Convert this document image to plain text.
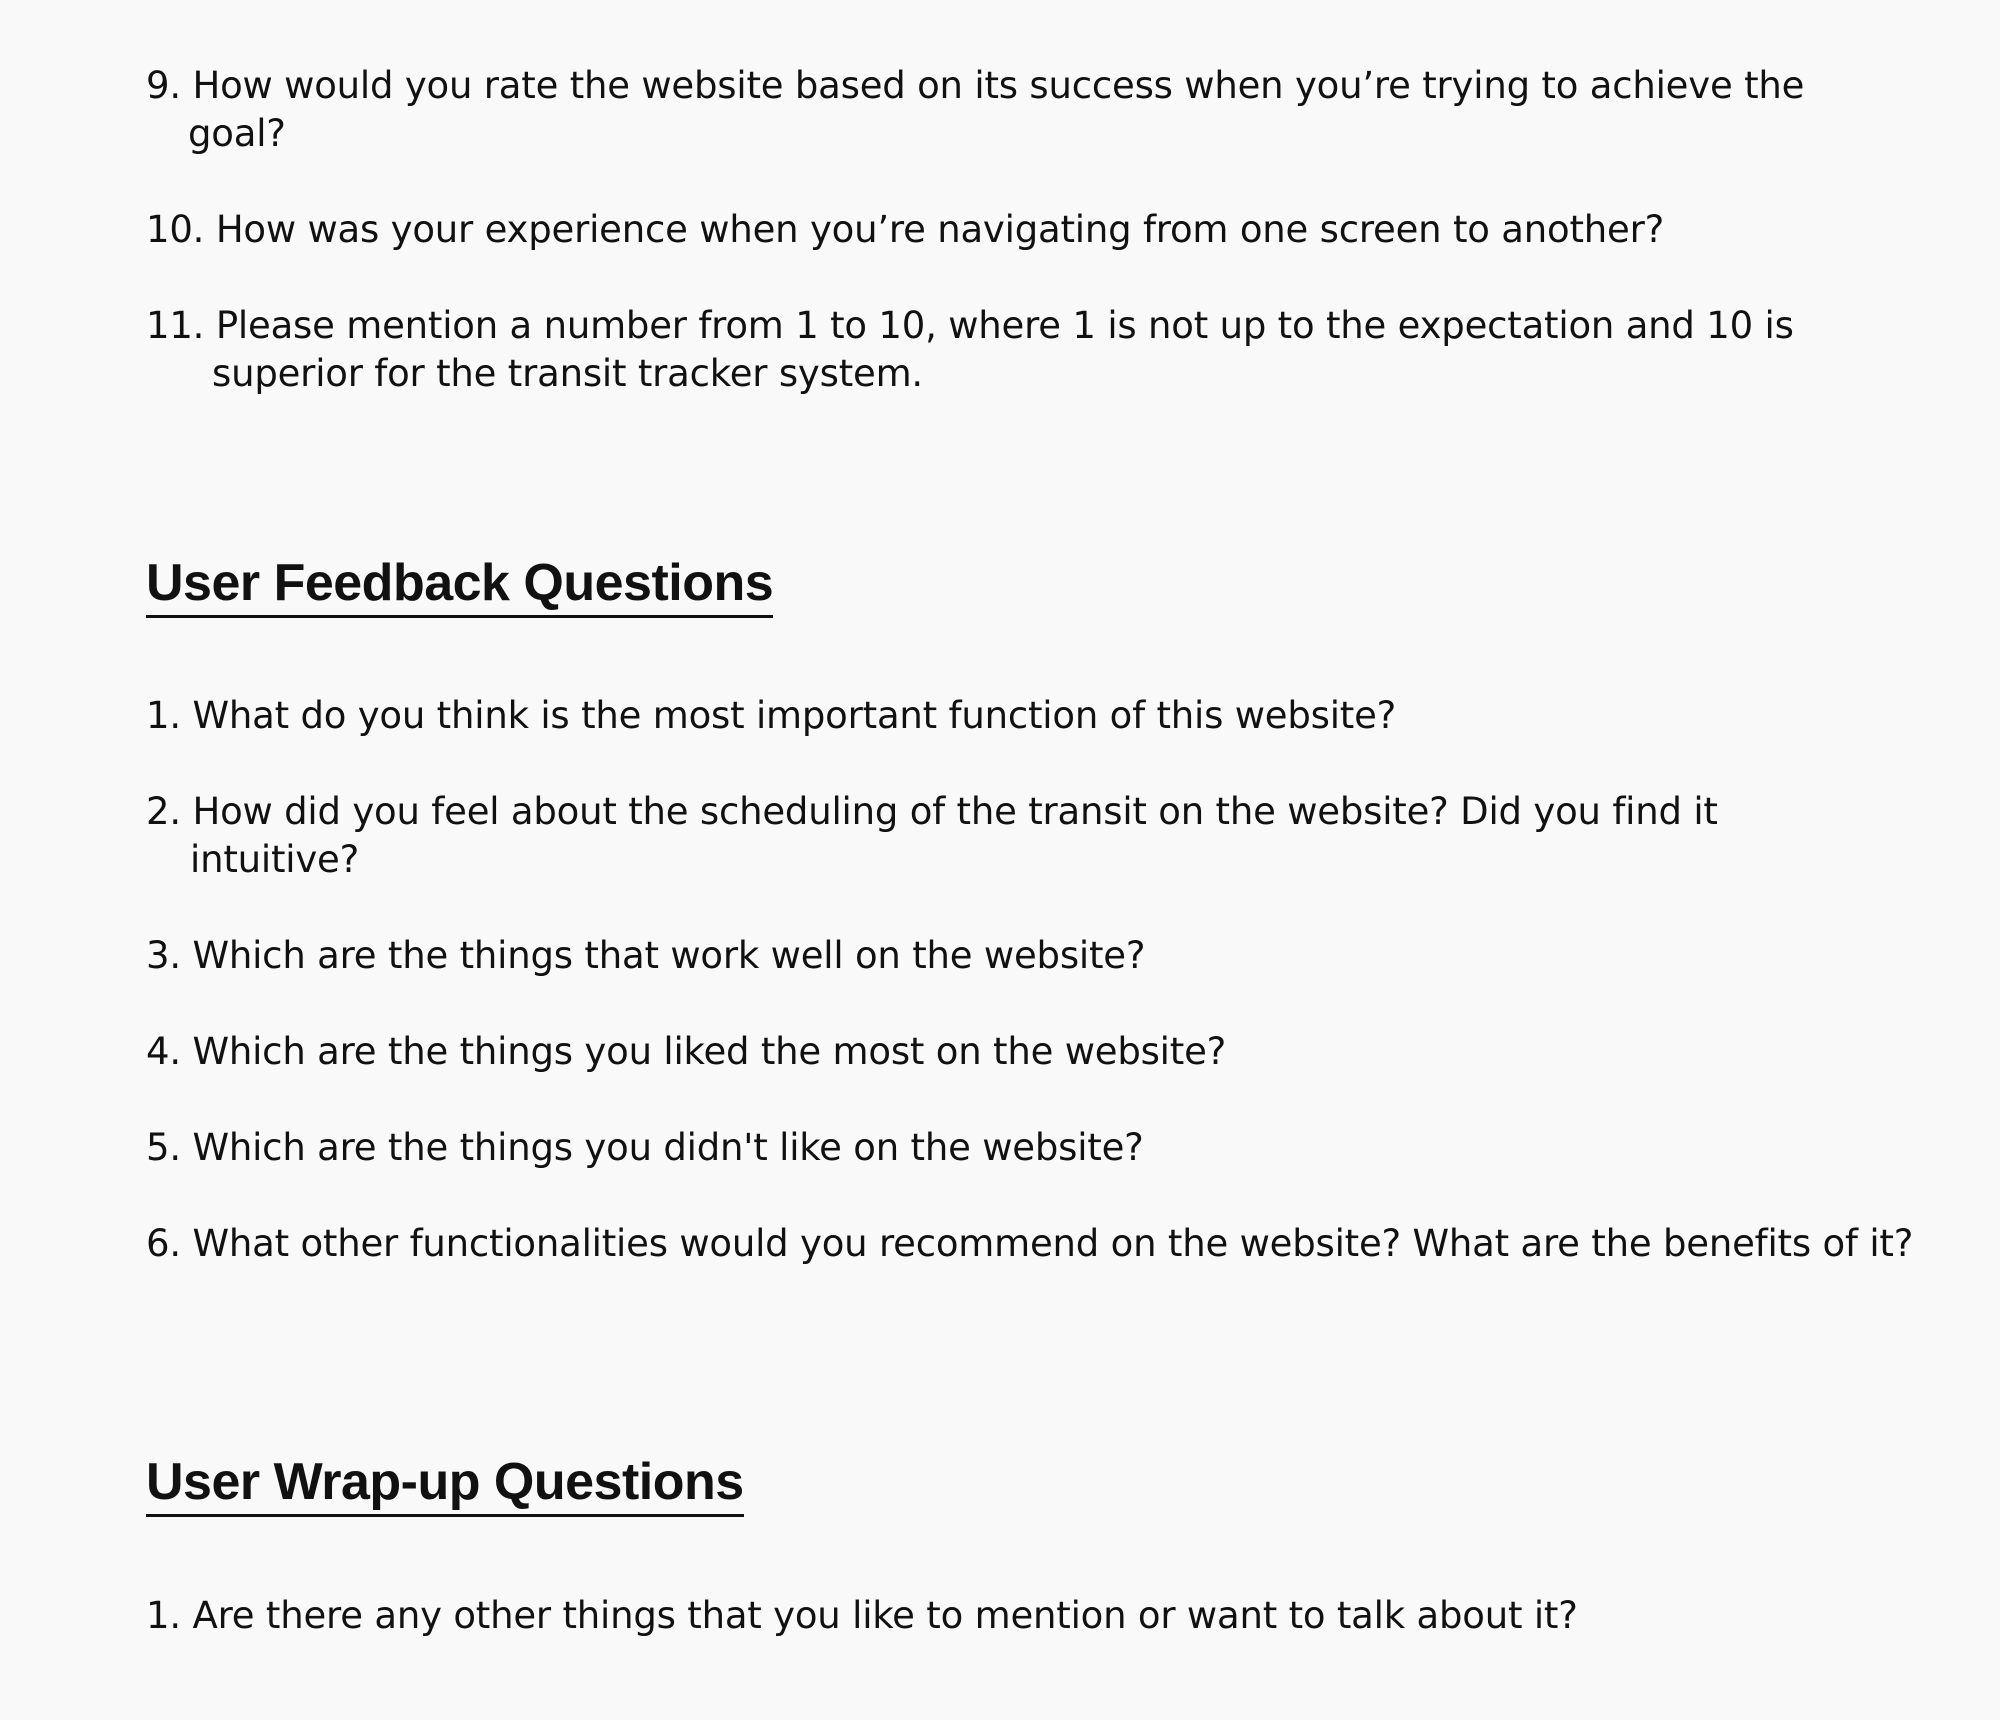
9. How would you rate the website based on its success when you’re trying to achieve the
goal?
10. How was your experience when you’re navigating from one screen to another?
11. Please mention a number from 1 to 10, where 1 is not up to the expectation and 10 is
superior for the transit tracker system.
User Feedback Questions
1. What do you think is the most important function of this website?
2. How did you feel about the scheduling of the transit on the website? Did you find it
intuitive?
3. Which are the things that work well on the website?
4. Which are the things you liked the most on the website?
5. Which are the things you didn't like on the website?
6. What other functionalities would you recommend on the website? What are the benefits of it?
User Wrap-up Questions
1. Are there any other things that you like to mention or want to talk about it?
